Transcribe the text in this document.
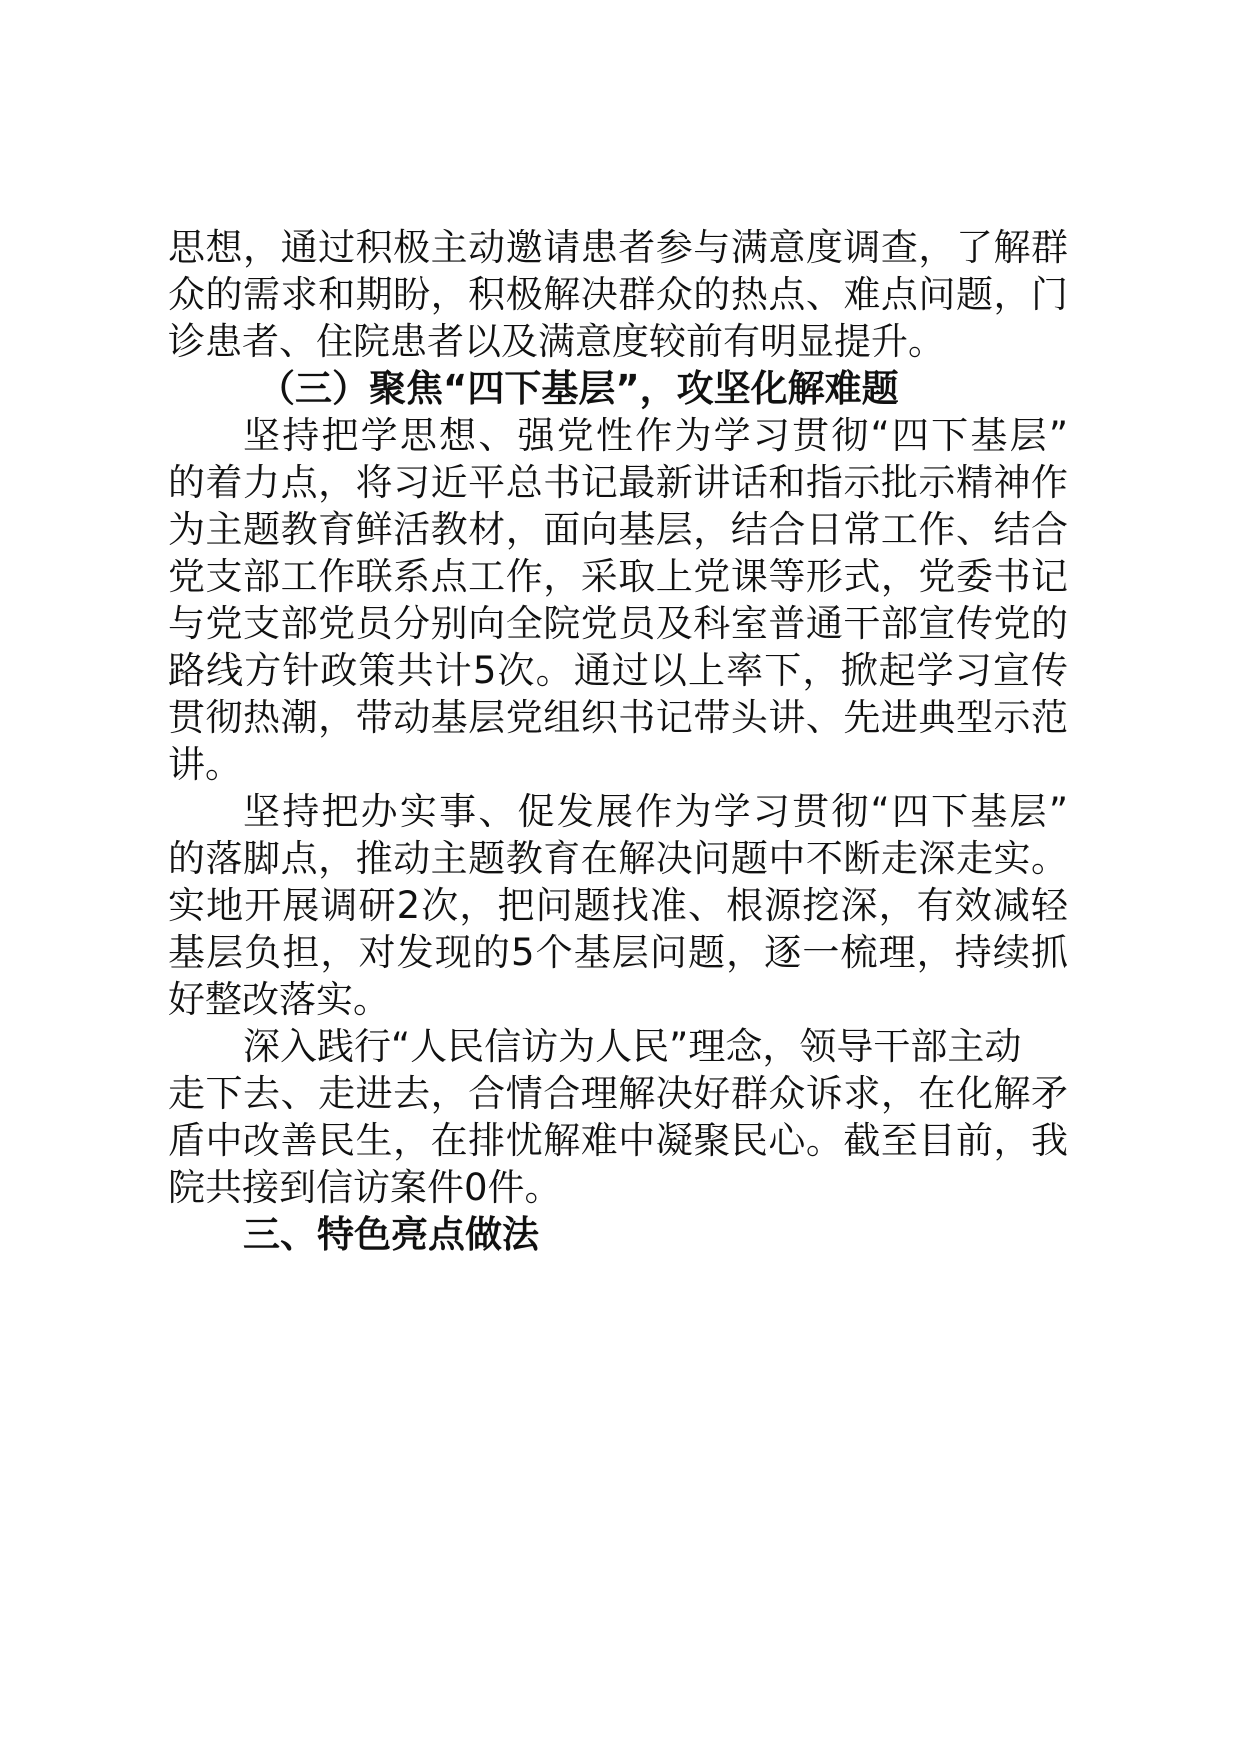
思想，通过积极主动邀请患者参与满意度调查，了解群
众的需求和期盼，积极解决群众的热点、难点问题，门
诊患者、住院患者以及满意度较前有明显提升。
（三）聚焦“四下基层”，攻坚化解难题
坚持把学思想、强党性作为学习贯彻“四下基层”
的着力点，将习近平总书记最新讲话和指示批示精神作
为主题教育鲜活教材，面向基层，结合日常工作、结合
党支部工作联系点工作，采取上党课等形式，党委书记
与党支部党员分别向全院党员及科室普通干部宣传党的
路线方针政策共计5次。通过以上率下，掀起学习宣传
贯彻热潮，带动基层党组织书记带头讲、先进典型示范
讲。
坚持把办实事、促发展作为学习贯彻“四下基层”
的落脚点，推动主题教育在解决问题中不断走深走实。
实地开展调研2次，把问题找准、根源挖深，有效减轻
基层负担，对发现的5个基层问题，逐一梳理，持续抓
好整改落实。
深入践行“人民信访为人民”理念，领导干部主动
走下去、走进去，合情合理解决好群众诉求，在化解矛
盾中改善民生，在排忧解难中凝聚民心。截至目前，我
院共接到信访案件0件。
三、特色亮点做法
